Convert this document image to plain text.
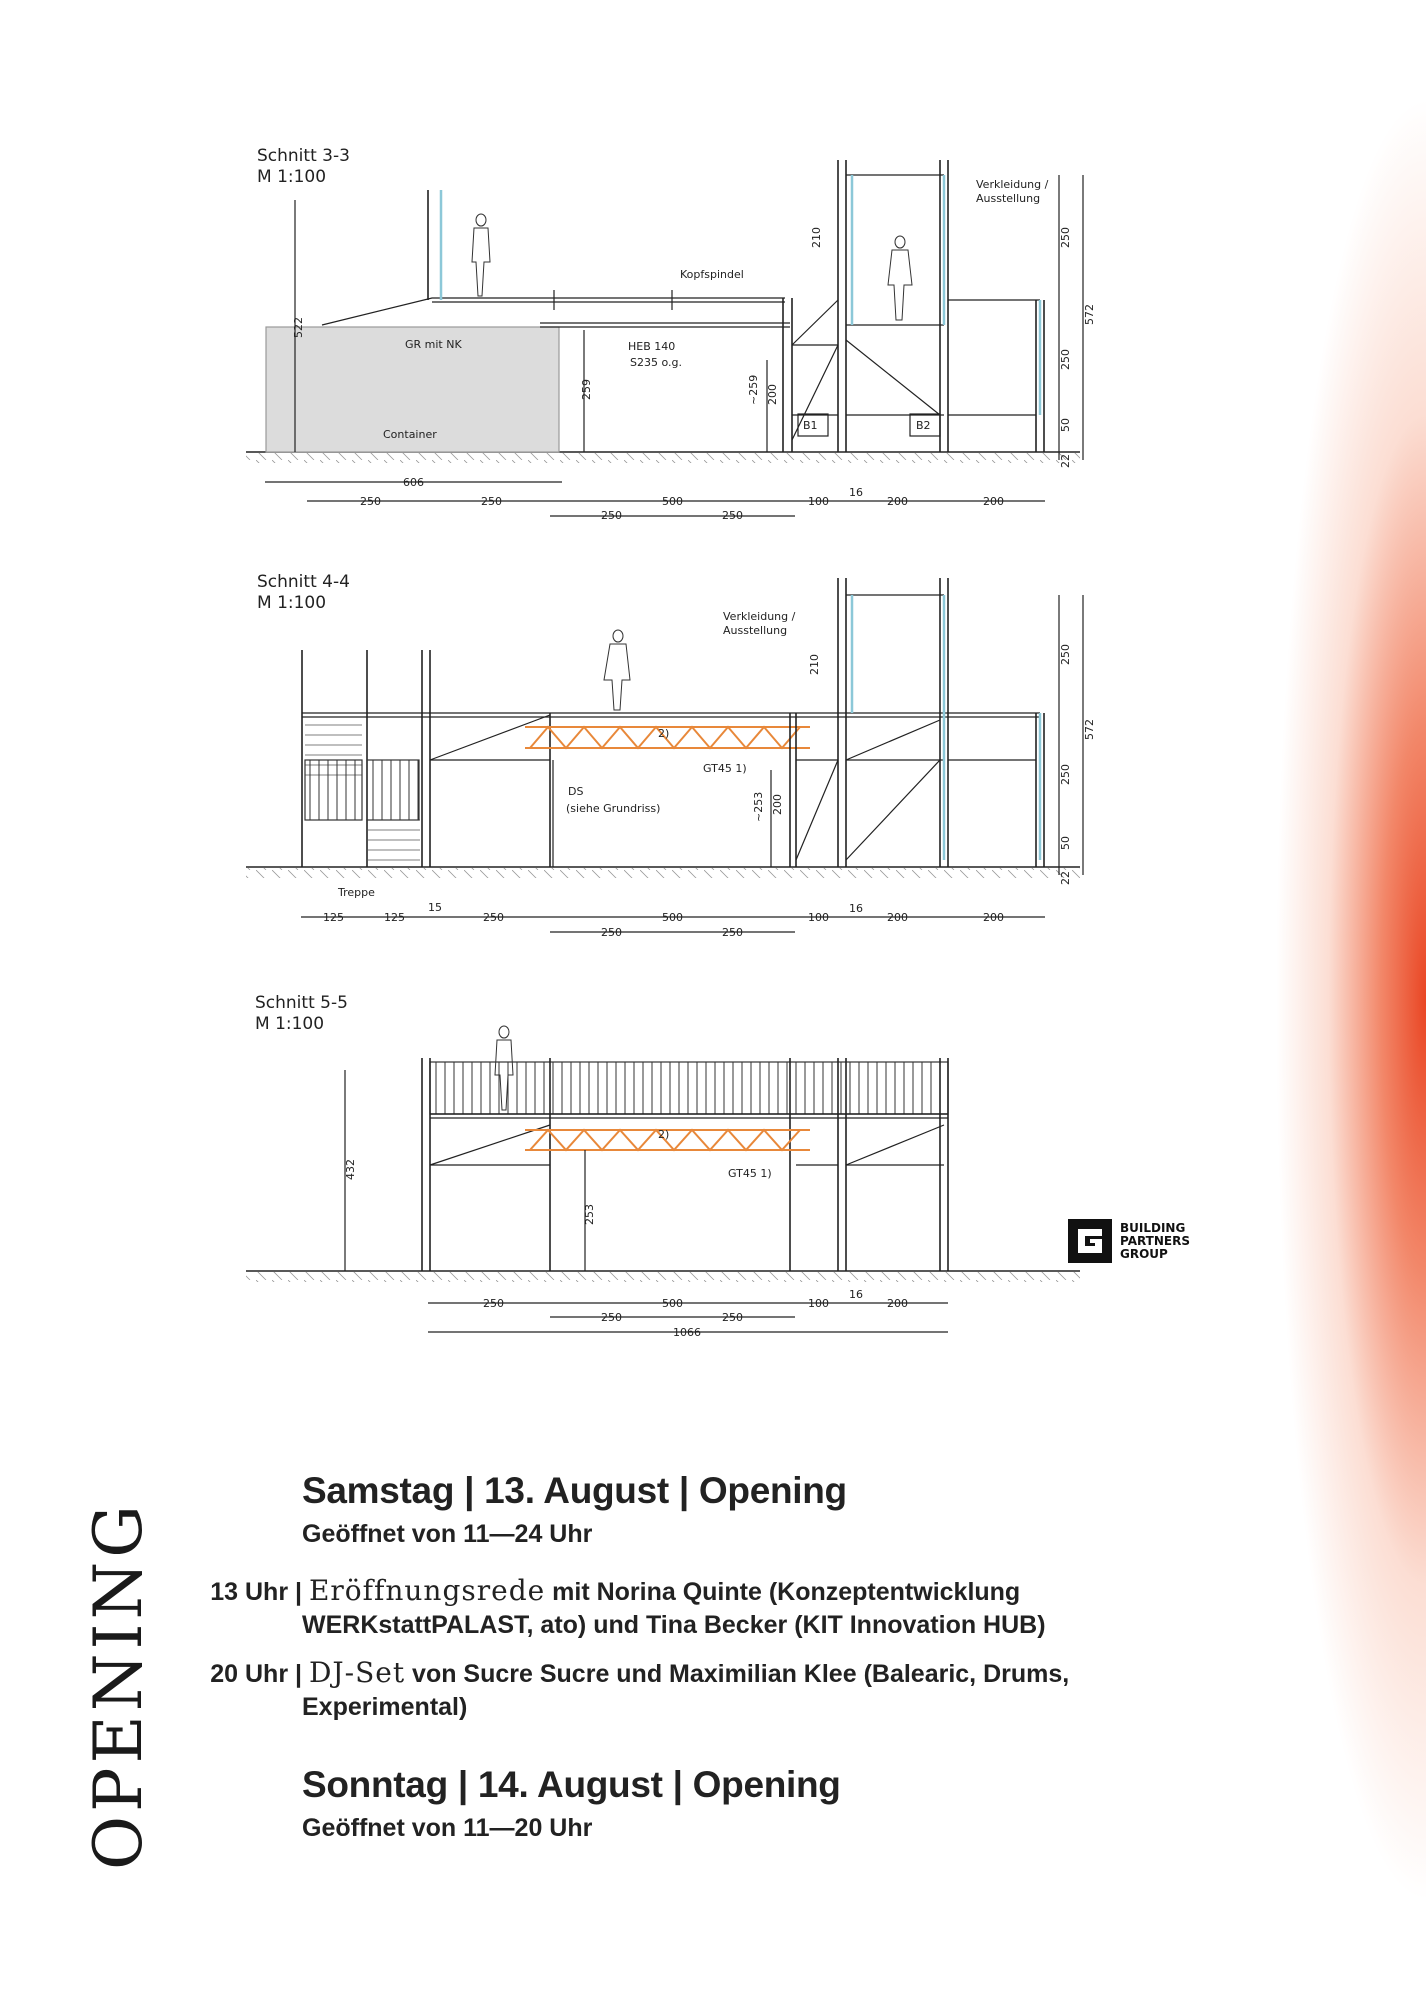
Schnitt 3-3
M 1:100
Schnitt 4-4
M 1:100
Schnitt 5-5
M 1:100
Verkleidung /
Ausstellung
Kopfspindel
GR mit NK	HEB 140
S235 o.g.
Container
B1	B2
522
259	~259 200
210	250
250
50
22
572
606
250	250	500
250	250
100
16
200	200
Verkleidung /
Ausstellung
2)
GT45 1)
DS
(siehe Grundriss)
Treppe
210
~253 200
250
250
50
22
572
125	125
15
250	500
250	250
100
16
200	200
2)
GT45 1)
432
253
250	500
250	250
100
16
200
1066
BUILDING
PARTNERS
GROUP
OPENING
Samstag | 13. August | Opening
Geöffnet von 11—24 Uhr
13 Uhr | Eröffnungsrede mit Norina Quinte (Konzeptentwicklung
WERKstattPALAST, ato) und Tina Becker (KIT Innovation HUB)
20 Uhr | DJ-Set von Sucre Sucre und Maximilian Klee (Balearic, Drums,
Experimental)
Sonntag | 14. August | Opening
Geöffnet von 11—20 Uhr
